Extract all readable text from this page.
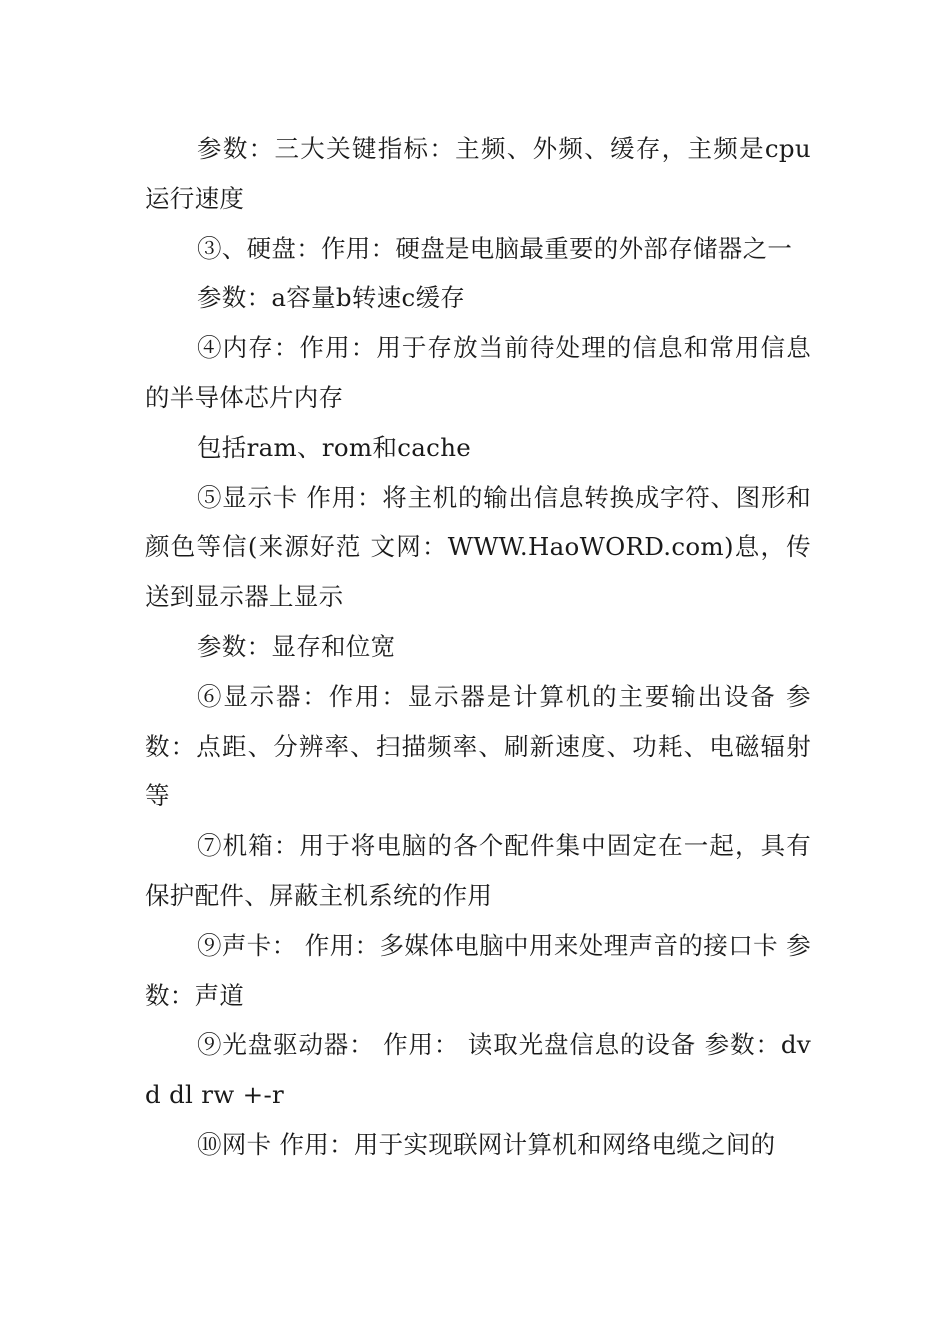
参数：三大关键指标：主频、外频、缓存，主频是cpu运行速度

③、硬盘：作用：硬盘是电脑最重要的外部存储器之一

参数：a容量b转速c缓存

④内存：作用：用于存放当前待处理的信息和常用信息的半导体芯片内存

包括ram、rom和cache

⑤显示卡 作用：将主机的输出信息转换成字符、图形和颜色等信(来源好范 文网：WWW.HaoWORD.com)息，传送到显示器上显示

参数：显存和位宽

⑥显示器：作用：显示器是计算机的主要输出设备 参数：点距、分辨率、扫描频率、刷新速度、功耗、电磁辐射等

⑦机箱：用于将电脑的各个配件集中固定在一起，具有保护配件、屏蔽主机系统的作用

⑨声卡： 作用：多媒体电脑中用来处理声音的接口卡 参数：声道

⑨光盘驱动器： 作用： 读取光盘信息的设备 参数：dvd dl rw +-r

⑩网卡 作用：用于实现联网计算机和网络电缆之间的
